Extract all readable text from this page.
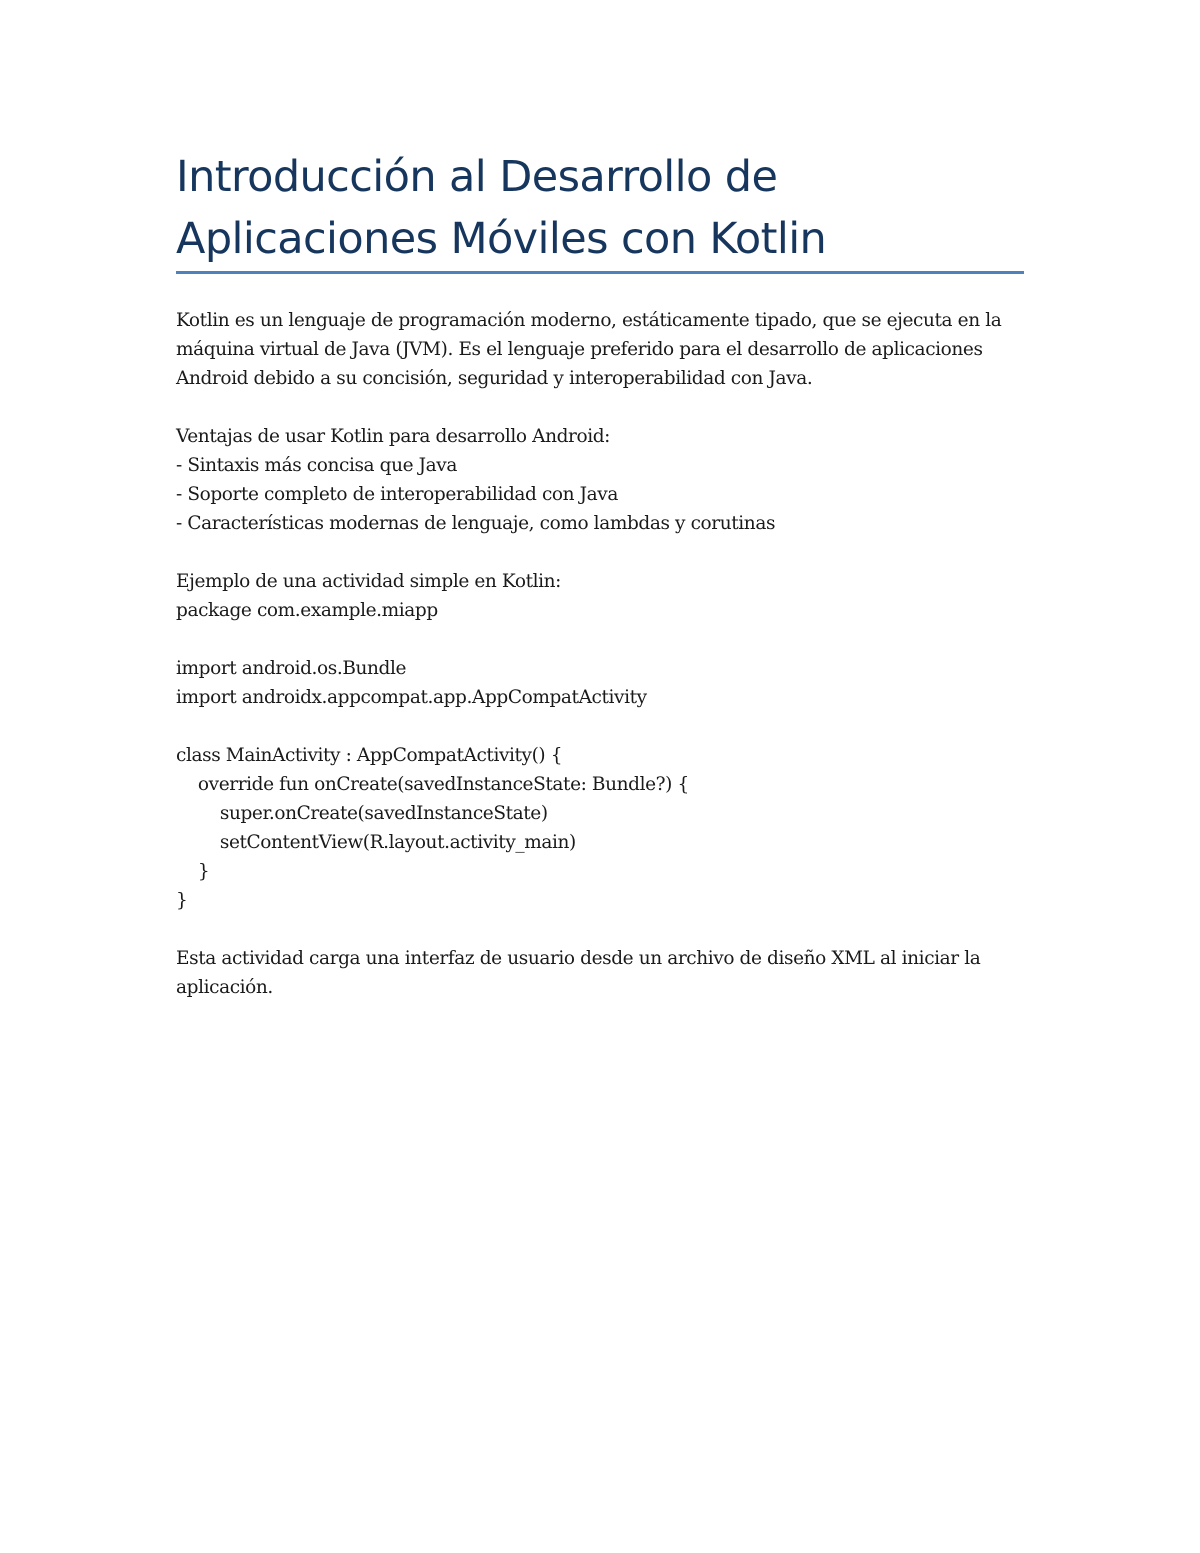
Introducción al Desarrollo de
Aplicaciones Móviles con Kotlin
Kotlin es un lenguaje de programación moderno, estáticamente tipado, que se ejecuta en la
máquina virtual de Java (JVM). Es el lenguaje preferido para el desarrollo de aplicaciones
Android debido a su concisión, seguridad y interoperabilidad con Java.
Ventajas de usar Kotlin para desarrollo Android:
- Sintaxis más concisa que Java
- Soporte completo de interoperabilidad con Java
- Características modernas de lenguaje, como lambdas y corutinas
Ejemplo de una actividad simple en Kotlin:
package com.example.miapp
import android.os.Bundle
import androidx.appcompat.app.AppCompatActivity
class MainActivity : AppCompatActivity() {
override fun onCreate(savedInstanceState: Bundle?) {
super.onCreate(savedInstanceState)
setContentView(R.layout.activity_main)
}
}
Esta actividad carga una interfaz de usuario desde un archivo de diseño XML al iniciar la
aplicación.
